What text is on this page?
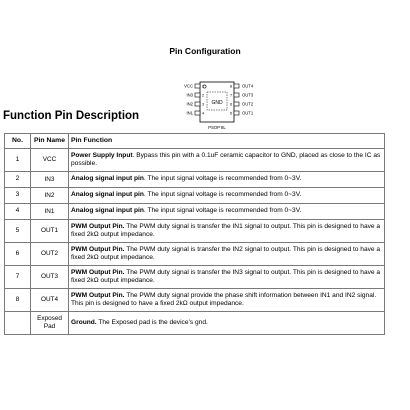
Pin Configuration
GND
VCC 1
IN3 2
IN2 3
IN1 4
OUT4
8
OUT3
7
OUT2
6
OUT1
5
PSOP 8L
Function Pin Description
No.	Pin Name	Pin Function
1	VCC	Power Supply Input. Bypass this pin with a 0.1uF ceramic capacitor to GND, placed as close to the IC as possible.
2	IN3	Analog signal input pin. The input signal voltage is recommended from 0~3V.
3	IN2	Analog signal input pin. The input signal voltage is recommended from 0~3V.
4	IN1	Analog signal input pin. The input signal voltage is recommended from 0~3V.
5	OUT1	PWM Output Pin. The PWM duty signal is transfer the IN1 signal to output. This pin is designed to have a fixed 2kΩ output impedance.
6	OUT2	PWM Output Pin. The PWM duty signal is transfer the IN2 signal to output. This pin is designed to have a fixed 2kΩ output impedance.
7	OUT3	PWM Output Pin. The PWM duty signal is transfer the IN3 signal to output. This pin is designed to have a fixed 2kΩ output impedance.
8	OUT4	PWM Output Pin. The PWM duty signal provide the phase shift information between IN1 and IN2 signal. This pin is designed to have a fixed 2kΩ output impedance.
	Exposed Pad	Ground. The Exposed pad is the device’s gnd.
